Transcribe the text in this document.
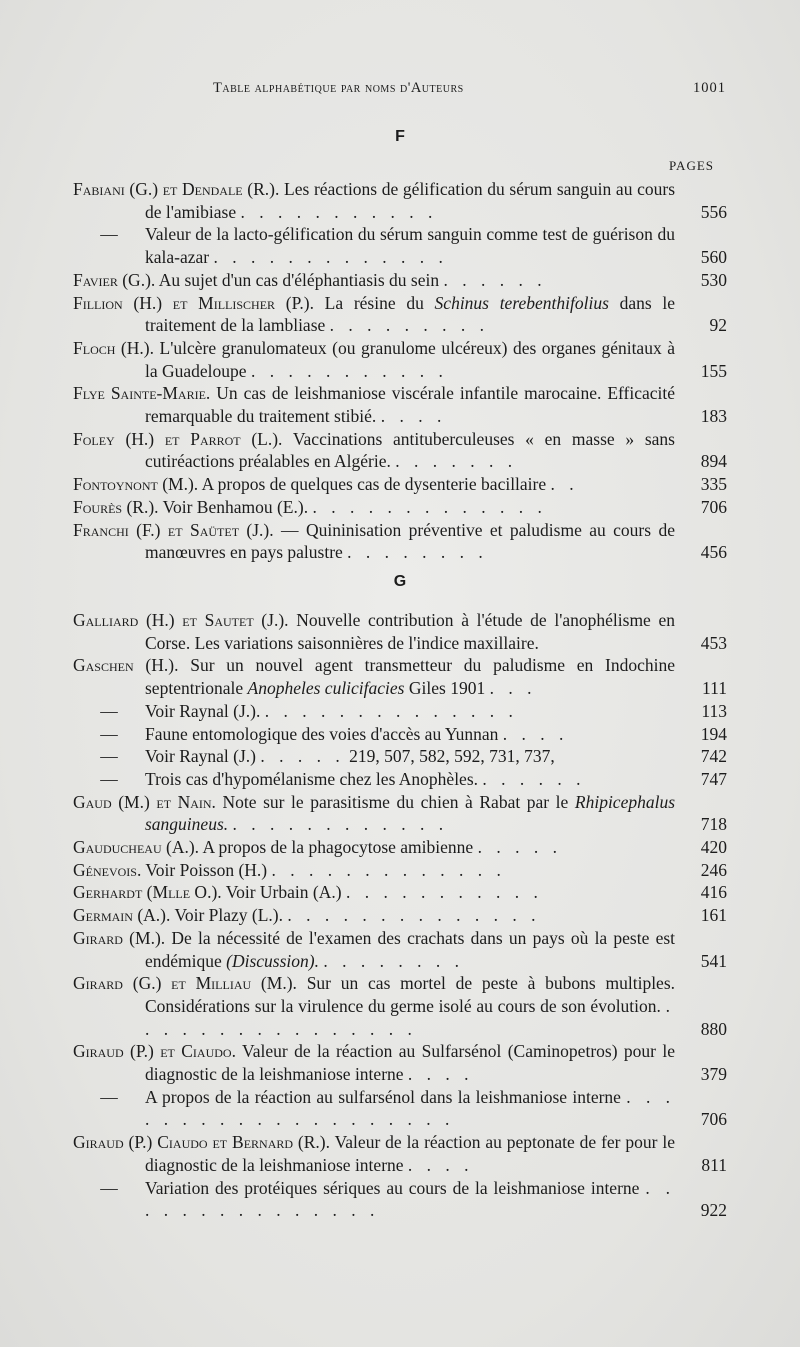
Table alphabétique par noms d'Auteurs	1001
F
PAGES
Fabiani (G.) et Dendale (R.). Les réactions de gélification du sérum sanguin au cours de l'amibiase . . . . . . . . . . .	556
— Valeur de la lacto-gélification du sérum sanguin comme test de guérison du kala-azar . . . . . . . . . . . . .	560
Favier (G.). Au sujet d'un cas d'éléphantiasis du sein . . . . . .	530
Fillion (H.) et Millischer (P.). La résine du Schinus terebenthifolius dans le traitement de la lambliase . . . . . . . . .	92
Floch (H.). L'ulcère granulomateux (ou granulome ulcéreux) des organes génitaux à la Guadeloupe . . . . . . . . . . .	155
Flye Sainte-Marie. Un cas de leishmaniose viscérale infantile marocaine. Efficacité remarquable du traitement stibié. . . . .	183
Foley (H.) et Parrot (L.). Vaccinations antituberculeuses « en masse » sans cutiréactions préalables en Algérie. . . . . . . .	894
Fontoynont (M.). A propos de quelques cas de dysenterie bacillaire . .	335
Fourès (R.). Voir Benhamou (E.). . . . . . . . . . . . . .	706
Franchi (F.) et Saütet (J.). — Quininisation préventive et paludisme au cours de manœuvres en pays palustre . . . . . . . .	456
G
Galliard (H.) et Sautet (J.). Nouvelle contribution à l'étude de l'anophélisme en Corse. Les variations saisonnières de l'indice maxillaire.	453
Gaschen (H.). Sur un nouvel agent transmetteur du paludisme en Indochine septentrionale Anopheles culicifacies Giles 1901 . . .	111
— Voir Raynal (J.). . . . . . . . . . . . . . .	113
— Faune entomologique des voies d'accès au Yunnan . . . .	194
— Voir Raynal (J.) . . . . . 219, 507, 582, 592, 731, 737,	742
— Trois cas d'hypomélanisme chez les Anophèles. . . . . . .	747
Gaud (M.) et Nain. Note sur le parasitisme du chien à Rabat par le Rhipicephalus sanguineus. . . . . . . . . . . . .	718
Gauducheau (A.). A propos de la phagocytose amibienne . . . . .	420
Génevois. Voir Poisson (H.) . . . . . . . . . . . . .	246
Gerhardt (Mlle O.). Voir Urbain (A.) . . . . . . . . . . .	416
Germain (A.). Voir Plazy (L.). . . . . . . . . . . . . . .	161
Girard (M.). De la nécessité de l'examen des crachats dans un pays où la peste est endémique (Discussion). . . . . . . . .	541
Girard (G.) et Milliau (M.). Sur un cas mortel de peste à bubons multiples. Considérations sur la virulence du germe isolé au cours de son évolution. . . . . . . . . . . . . . . . .	880
Giraud (P.) et Ciaudo. Valeur de la réaction au Sulfarsénol (Caminopetros) pour le diagnostic de la leishmaniose interne . . . .	379
— A propos de la réaction au sulfarsénol dans la leishmaniose interne . . . . . . . . . . . . . . . . . . . .	706
Giraud (P.) Ciaudo et Bernard (R.). Valeur de la réaction au peptonate de fer pour le diagnostic de la leishmaniose interne . . . .	811
— Variation des protéiques sériques au cours de la leishmaniose interne . . . . . . . . . . . . . . .	922
